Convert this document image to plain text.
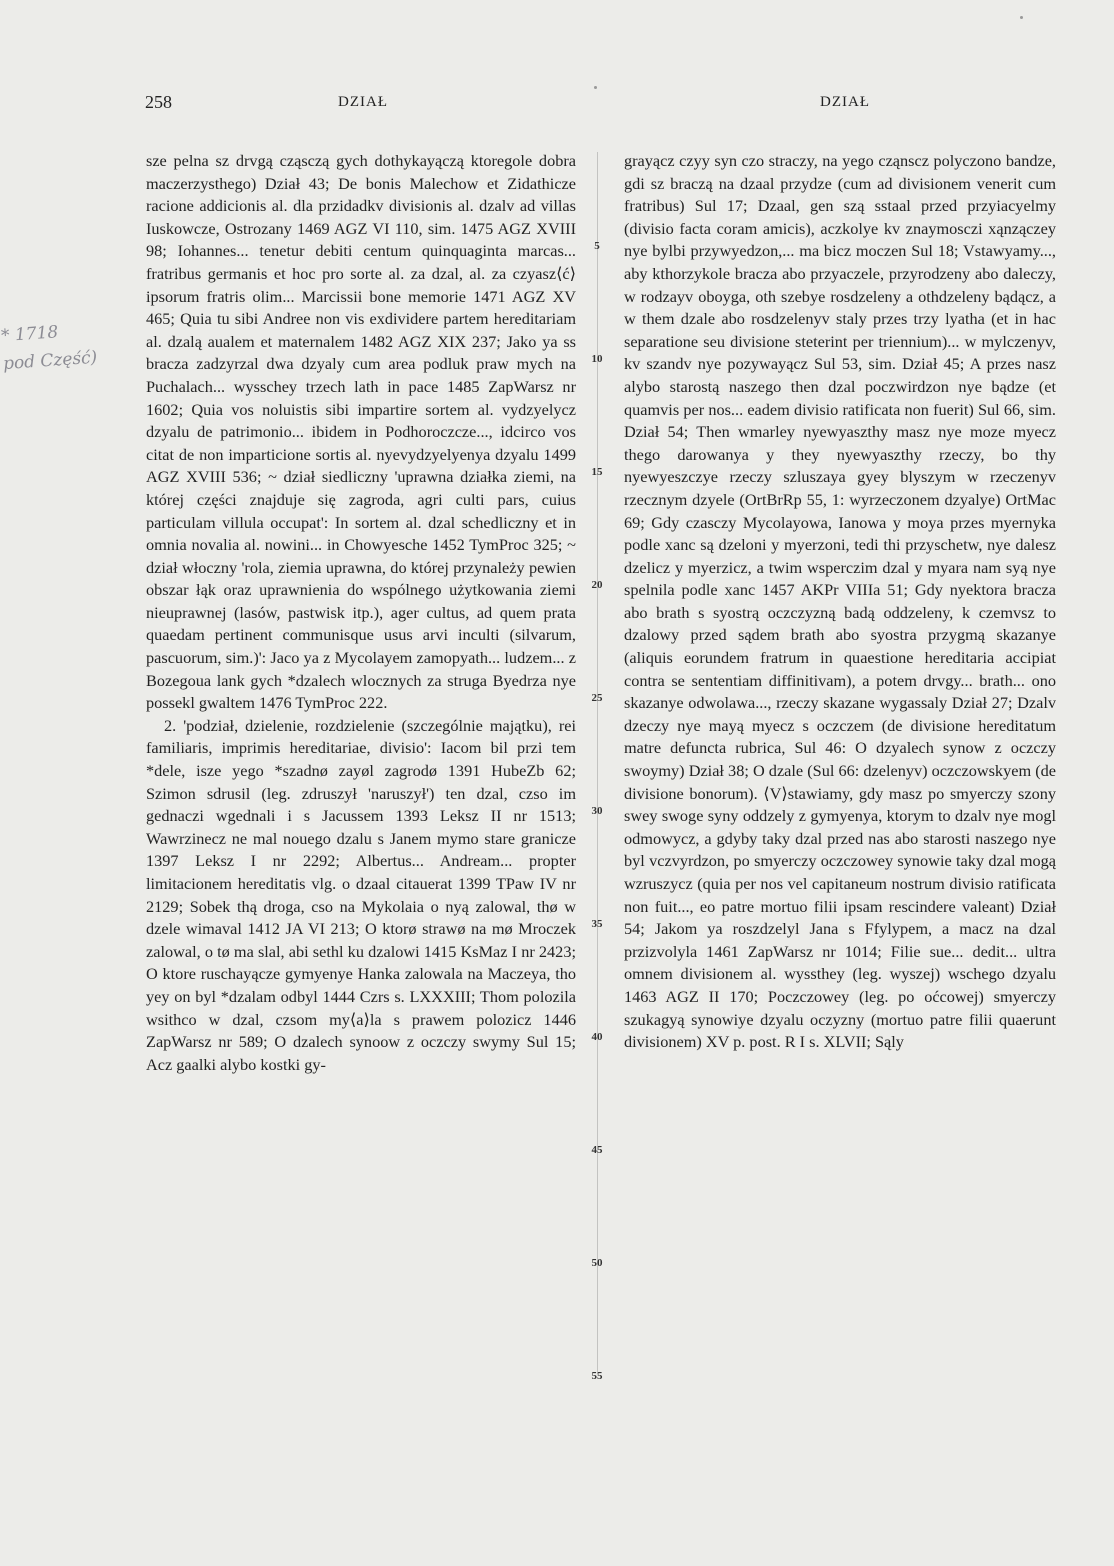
258	DZIAŁ	DZIAŁ
* 1718
pod Część)

sze pelna sz drvgą cząsczą gych dothykayączą ktoregole dobra maczerzysthego) Dział 43; De bonis Malechow et Zidathicze racione addicionis al. dla przidadkv divisionis al. dzalv ad villas Iuskowcze, Ostrozany 1469 AGZ VI 110, sim. 1475 AGZ XVIII 98; Iohannes... tenetur debiti centum quinquaginta marcas... fratribus germanis et hoc pro sorte al. za dzal, al. za czyasz⟨ć⟩ ipsorum fratris olim... Marcissii bone memorie 1471 AGZ XV 465; Quia tu sibi Andree non vis exdividere partem hereditariam al. dzalą aualem et maternalem 1482 AGZ XIX 237; Jako ya ss bracza zadzyrzal dwa dzyaly cum area podluk praw mych na Puchalach... wysschey trzech lath in pace 1485 ZapWarsz nr 1602; Quia vos noluistis sibi impartire sortem al. vydzyelycz dzyalu de patrimonio... ibidem in Podhoroczcze..., idcirco vos citat de non imparticione sortis al. nyevydzyelyenya dzyalu 1499 AGZ XVIII 536; ~ dział siedliczny 'uprawna działka ziemi, na której części znajduje się zagroda, agri culti pars, cuius particulam villula occupat': In sortem al. dzal schedliczny et in omnia novalia al. nowini... in Chowyesche 1452 TymProc 325; ~ dział włoczny 'rola, ziemia uprawna, do której przynależy pewien obszar łąk oraz uprawnienia do wspólnego użytkowania ziemi nieuprawnej (lasów, pastwisk itp.), ager cultus, ad quem prata quaedam pertinent communisque usus arvi inculti (silvarum, pascuorum, sim.)': Jaco ya z Mycolayem zamopyath... ludzem... z Bozegoua lank gych *dzalech wlocznych za struga Byedrza nye possekl gwaltem 1476 TymProc 222.

2. 'podział, dzielenie, rozdzielenie (szczególnie majątku), rei familiaris, imprimis hereditariae, divisio': Iacom bil przi tem *dele, isze yego *szadnø zayøl zagrodø 1391 HubeZb 62; Szimon sdrusil (leg. zdruszył 'naruszył') ten dzal, czso im gednaczi wgednali i s Jacussem 1393 Leksz II nr 1513; Wawrzinecz ne mal nouego dzalu s Janem mymo stare granicze 1397 Leksz I nr 2292; Albertus... Andream... propter limitacionem hereditatis vlg. o dzaal citauerat 1399 TPaw IV nr 2129; Sobek thą droga, cso na Mykolaia o nyą zalowal, thø w dzele wimaval 1412 JA VI 213; O ktorø strawø na mø Mroczek zalowal, o tø ma slal, abi sethl ku dzalowi 1415 KsMaz I nr 2423; O ktore ruschayącze gymyenye Hanka zalowala na Maczeya, tho yey on byl *dzalam odbyl 1444 Czrs s. LXXXIII; Thom polozila wsithco w dzal, czsom my⟨a⟩la s prawem polozicz 1446 ZapWarsz nr 589; O dzalech synoow z oczczy swymy Sul 15; Acz gaalki alybo kostki gy-

5
10
15
20
25
30
35
40
45
50
55

grayącz czyy syn czo straczy, na yego cząnscz polyczono bandze, gdi sz braczą na dzaal przydze (cum ad divisionem venerit cum fratribus) Sul 17; Dzaal, gen szą sstaal przed przyiacyelmy (divisio facta coram amicis), aczkolye kv znaymosczi xąnzączey nye bylbi przywyedzon,... ma bicz moczen Sul 18; Vstawyamy..., aby kthorzykole bracza abo przyaczele, przyrodzeny abo daleczy, w rodzayv oboyga, oth szebye rosdzeleny a othdzeleny bądącz, a w them dzale abo rosdzelenyv staly przes trzy lyatha (et in hac separatione seu divisione steterint per triennium)... w mylczenyv, kv szandv nye pozywayącz Sul 53, sim. Dział 45; A przes nasz alybo starostą naszego then dzal poczwirdzon nye bądze (et quamvis per nos... eadem divisio ratificata non fuerit) Sul 66, sim. Dział 54; Then wmarley nyewyaszthy masz nye moze myecz thego darowanya y they nyewyaszthy rzeczy, bo thy nyewyeszczye rzeczy szluszaya gyey blyszym w rzeczenyv rzecznym dzyele (OrtBrRp 55, 1: wyrzeczonem dzyalye) OrtMac 69; Gdy czasczy Mycolayowa, Ianowa y moya przes myernyka podle xanc są dzeloni y myerzoni, tedi thi przyschetw, nye dalesz dzelicz y myerzicz, a twim wsperczim dzal y myara nam syą nye spelnila podle xanc 1457 AKPr VIIIa 51; Gdy nyektora bracza abo brath s syostrą oczczyzną badą oddzeleny, k czemvsz to dzalowy przed sądem brath abo syostra przygmą skazanye (aliquis eorundem fratrum in quaestione hereditaria accipiat contra se sententiam diffinitivam), a potem drvgy... brath... ono skazanye odwolawa..., rzeczy skazane wygassaly Dział 27; Dzalv dzeczy nye mayą myecz s oczczem (de divisione hereditatum matre defuncta rubrica, Sul 46: O dzyalech synow z oczczy swoymy) Dział 38; O dzale (Sul 66: dzelenyv) oczczowskyem (de divisione bonorum). ⟨V⟩stawiamy, gdy masz po smyerczy szony swey swoge syny oddzely z gymyenya, ktorym to dzalv nye mogl odmowycz, a gdyby taky dzal przed nas abo starosti naszego nye byl vczvyrdzon, po smyerczy oczczowey synowie taky dzal mogą wzruszycz (quia per nos vel capitaneum nostrum divisio ratificata non fuit..., eo patre mortuo filii ipsam rescindere valeant) Dział 54; Jakom ya roszdzelyl Jana s Ffylypem, a macz na dzal przizvolyla 1461 ZapWarsz nr 1014; Filie sue... dedit... ultra omnem divisionem al. wyssthey (leg. wyszej) wschego dzyalu 1463 AGZ II 170; Poczczowey (leg. po oćcowej) smyerczy szukagyą synowiye dzyalu oczyzny (mortuo patre filii quaerunt divisionem) XV p. post. R I s. XLVII; Sąly
